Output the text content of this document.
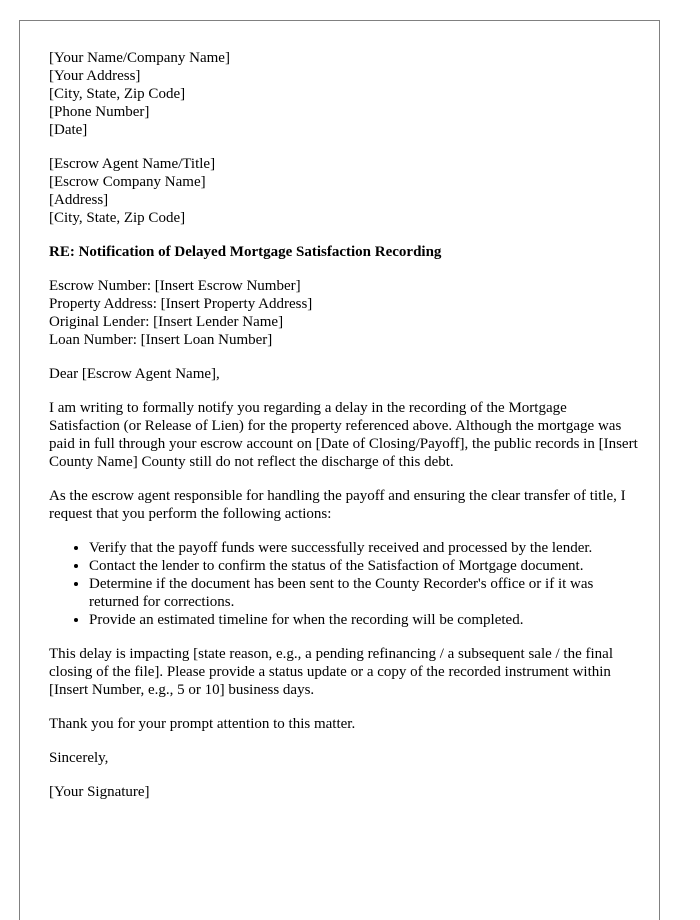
[Your Name/Company Name]
[Your Address]
[City, State, Zip Code]
[Phone Number]
[Date]
[Escrow Agent Name/Title]
[Escrow Company Name]
[Address]
[City, State, Zip Code]
RE: Notification of Delayed Mortgage Satisfaction Recording
Escrow Number: [Insert Escrow Number]
Property Address: [Insert Property Address]
Original Lender: [Insert Lender Name]
Loan Number: [Insert Loan Number]

Dear [Escrow Agent Name],

I am writing to formally notify you regarding a delay in the recording of the Mortgage Satisfaction (or Release of Lien) for the property referenced above. Although the mortgage was paid in full through your escrow account on [Date of Closing/Payoff], the public records in [Insert County Name] County still do not reflect the discharge of this debt.

As the escrow agent responsible for handling the payoff and ensuring the clear transfer of title, I request that you perform the following actions:

• Verify that the payoff funds were successfully received and processed by the lender.
• Contact the lender to confirm the status of the Satisfaction of Mortgage document.
• Determine if the document has been sent to the County Recorder's office or if it was returned for corrections.
• Provide an estimated timeline for when the recording will be completed.

This delay is impacting [state reason, e.g., a pending refinancing / a subsequent sale / the final closing of the file]. Please provide a status update or a copy of the recorded instrument within [Insert Number, e.g., 5 or 10] business days.

Thank you for your prompt attention to this matter.

Sincerely,

[Your Signature]
